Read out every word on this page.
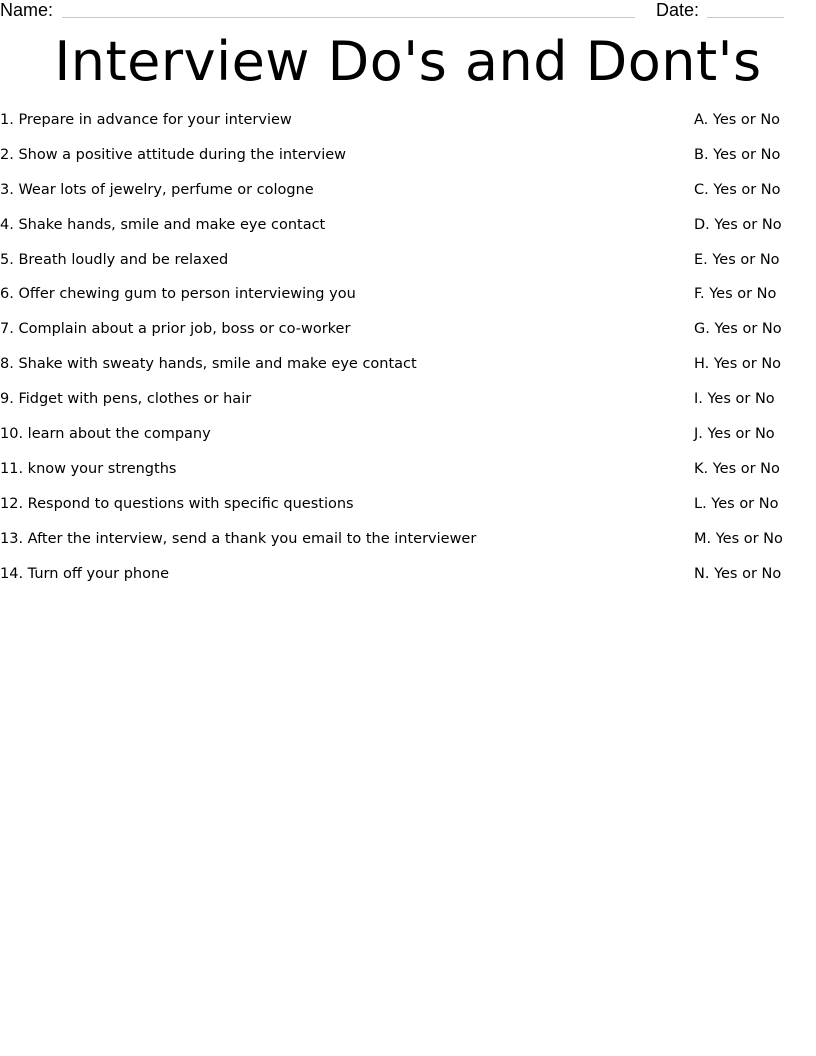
Name:	Date:
Interview Do's and Dont's
1. Prepare in advance for your interview	A. Yes or No
2. Show a positive attitude during the interview	B. Yes or No
3. Wear lots of jewelry, perfume or cologne	C. Yes or No
4. Shake hands, smile and make eye contact	D. Yes or No
5. Breath loudly and be relaxed	E. Yes or No
6. Offer chewing gum to person interviewing you	F. Yes or No
7. Complain about a prior job, boss or co-worker	G. Yes or No
8. Shake with sweaty hands, smile and make eye contact	H. Yes or No
9. Fidget with pens, clothes or hair	I. Yes or No
10. learn about the company	J. Yes or No
11. know your strengths	K. Yes or No
12. Respond to questions with specific questions	L. Yes or No
13. After the interview, send a thank you email to the interviewer	M. Yes or No
14. Turn off your phone	N. Yes or No
